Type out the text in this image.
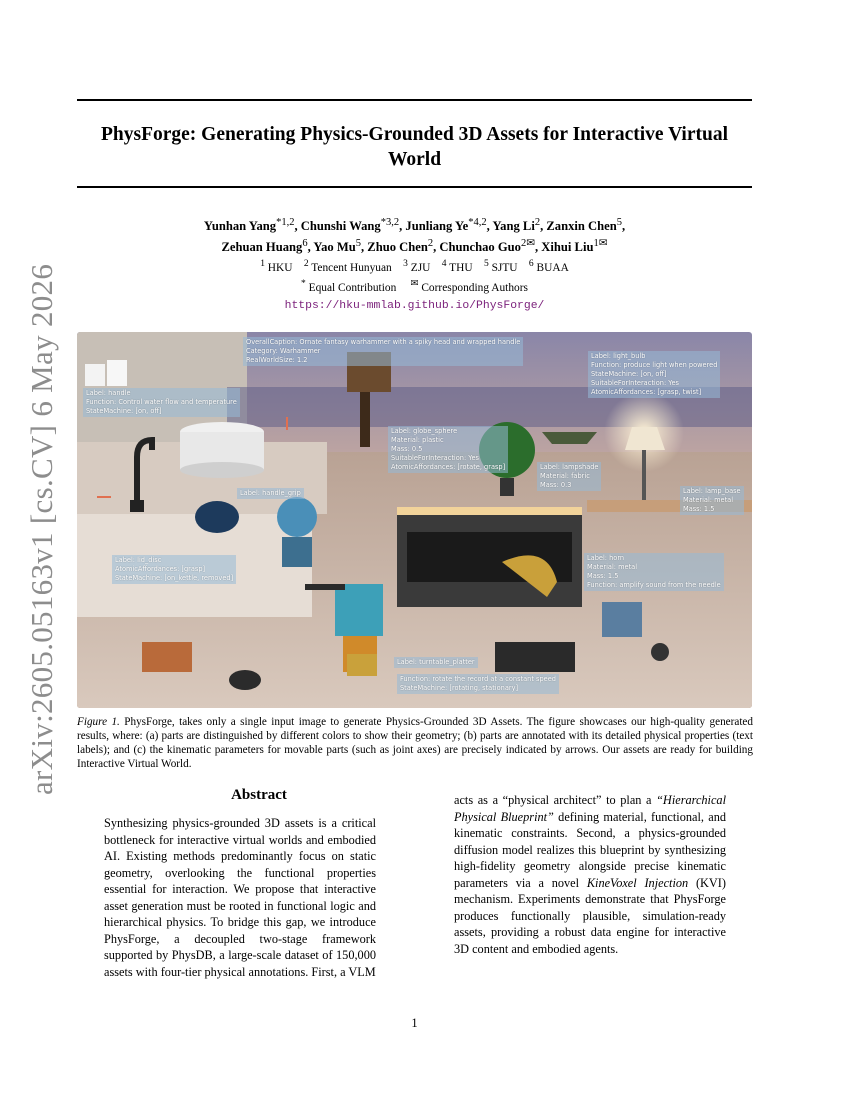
arXiv:2605.05163v1 [cs.CV] 6 May 2026
PhysForge: Generating Physics-Grounded 3D Assets for Interactive Virtual
World
Yunhan Yang$^{*1,2}$, Chunshi Wang$^{*3,2}$, Junliang Ye$^{*4,2}$, Yang Li$^2$, Zanxin Chen$^5$,
Zehuan Huang$^6$, Yao Mu$^5$, Zhuo Chen$^2$, Chunchao Guo$^{2✉}$, Xihui Liu$^{1✉}$
$^1$ HKU    $^2$ Tencent Hunyuan    $^3$ ZJU    $^4$ THU    $^5$ SJTU    $^6$ BUAA
* Equal Contribution     ✉ Corresponding Authors
https://hku-mmlab.github.io/PhysForge/
OverallCaption: Ornate fantasy warhammer with a spiky head and wrapped handle
Category: Warhammer
RealWorldSize: 1.2
Label: handle
Function: Control water flow and temperature
StateMachine: [on, off]
Label: globe_sphere
Material: plastic
Mass: 0.5
SuitableForInteraction: Yes
AtomicAffordances: [rotate, grasp]
Label: light_bulb
Function: produce light when powered
StateMachine: [on, off]
SuitableForInteraction: Yes
AtomicAffordances: [grasp, twist]
Label: lampshade
Material: fabric
Mass: 0.3
Label: lamp_base
Material: metal
Mass: 1.5
Label: handle_grip
Label: lid_disc
AtomicAffordances: [grasp]
StateMachine: [on_kettle, removed]
Label: horn
Material: metal
Mass: 1.5
Function: amplify sound from the needle
Label: turntable_platter
Function: rotate the record at a constant speed
StateMachine: [rotating, stationary]
Figure 1. PhysForge, takes only a single input image to generate Physics-Grounded 3D Assets. The figure showcases our high-quality generated results, where: (a) parts are distinguished by different colors to show their geometry; (b) parts are annotated with its detailed physical properties (text labels); and (c) the kinematic parameters for movable parts (such as joint axes) are precisely indicated by arrows. Our assets are ready for building Interactive Virtual World.
Abstract
Synthesizing physics-grounded 3D assets is a critical bottleneck for interactive virtual worlds and embodied AI. Existing methods predominantly focus on static geometry, overlooking the functional properties essential for interaction. We propose that interactive asset generation must be rooted in functional logic and hierarchical physics. To bridge this gap, we introduce PhysForge, a decoupled two-stage framework supported by PhysDB, a large-scale dataset of 150,000 assets with four-tier physical annotations. First, a VLM
acts as a “physical architect” to plan a “Hierarchical Physical Blueprint” defining material, functional, and kinematic constraints. Second, a physics-grounded diffusion model realizes this blueprint by synthesizing high-fidelity geometry alongside precise kinematic parameters via a novel KineVoxel Injection (KVI) mechanism. Experiments demonstrate that PhysForge produces functionally plausible, simulation-ready assets, providing a robust data engine for interactive 3D content and embodied agents.
1
